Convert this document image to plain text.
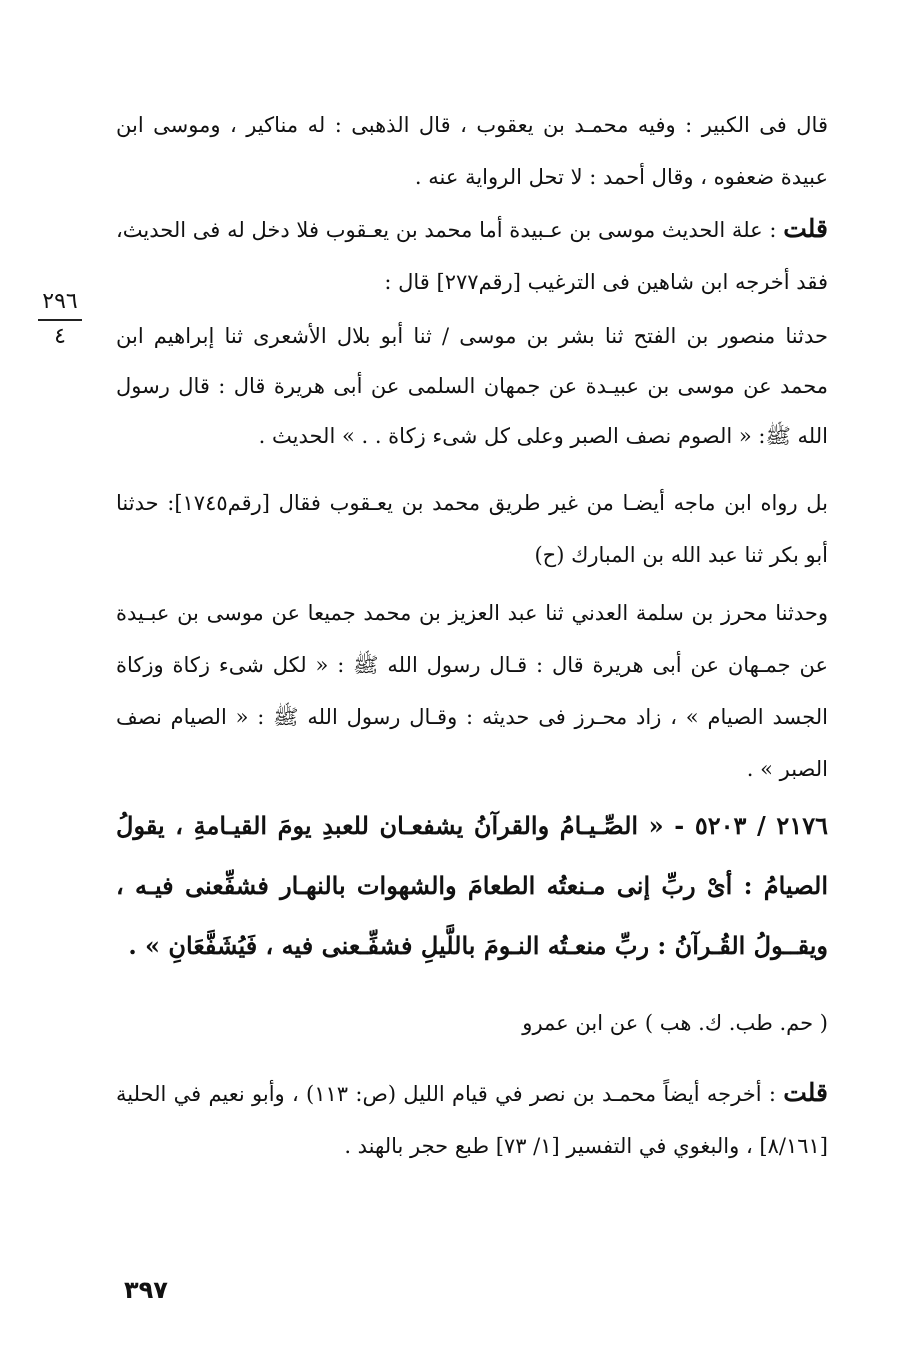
٢٩٦
٤

قال فى الكبير : وفيه محمـد بن يعقوب ، قال الذهبى : له مناكير ، وموسى ابن عبيدة ضعفوه ، وقال أحمد : لا تحل الرواية عنه .

قلت : علة الحديث موسى بن عـبيدة أما محمد بن يعـقوب فلا دخل له فى الحديث، فقد أخرجه ابن شاهين فى الترغيب [رقم٢٧٧] قال :

حدثنا منصور بن الفتح ثنا بشر بن موسى / ثنا أبو بلال الأشعرى ثنا إبراهيم ابن محمد عن موسى بن عبيـدة عن جمهان السلمى عن أبى هريرة قال : قال رسول الله ﷺ: « الصوم نصف الصبر وعلى كل شىء زكاة . . » الحديث .

بل رواه ابن ماجه أيضـا من غير طريق محمد بن يعـقوب فقال [رقم١٧٤٥]: حدثنا أبو بكر ثنا عبد الله بن المبارك (ح)

وحدثنا محرز بن سلمة العدني ثنا عبد العزيز بن محمد جميعا عن موسى بن عبـيدة عن جمـهان عن أبى هريرة قال : قـال رسول الله ﷺ : « لكل شىء زكاة وزكاة الجسد الصيام » ، زاد محـرز فى حديثه : وقـال رسول الله ﷺ : « الصيام نصف الصبر » .

٢١٧٦ / ٥٢٠٣ - « الصِّـيـامُ والقرآنُ يشفعـان للعبدِ يومَ القيـامةِ ، يقولُ الصيامُ : أىْ ربِّ إنى مـنعتُه الطعامَ والشهوات بالنهـار فشفِّعنى فيـه ، ويقــولُ القُـرآنُ : ربِّ منعـتُه النـومَ باللَّيلِ فشفِّـعنى فيه ، فَيُشَفَّعَانِ » .

( حم. طب. ك. هب ) عن ابن عمرو

قلت : أخرجه أيضاً محمـد بن نصر في قيام الليل (ص: ١١٣) ، وأبو نعيم في الحلية [٨/١٦١] ، والبغوي في التفسير [١/ ٧٣] طبع حجر بالهند .

٣٩٧
